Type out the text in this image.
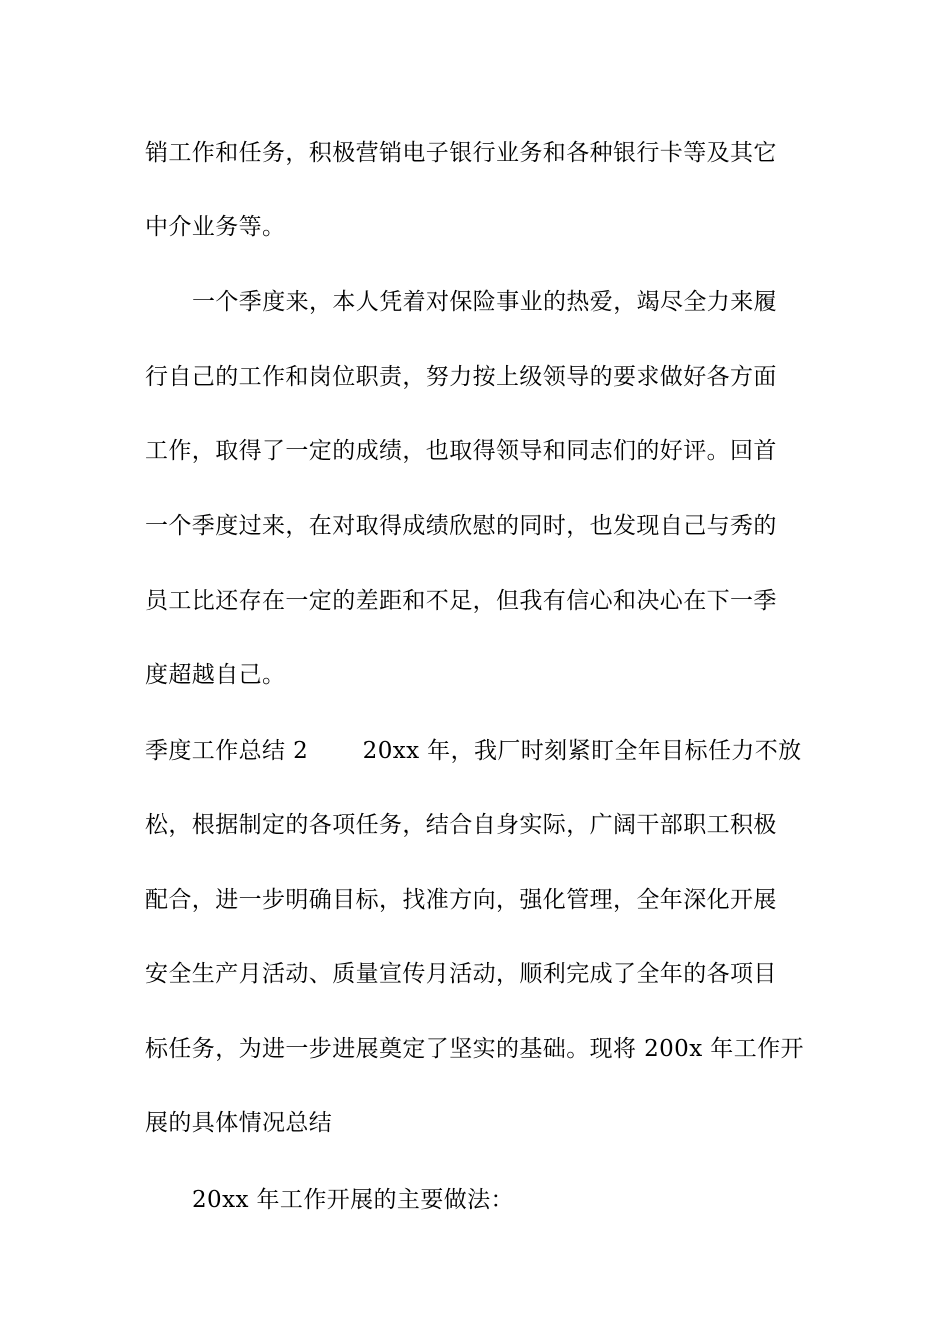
销工作和任务，积极营销电子银行业务和各种银行卡等及其它
中介业务等。
一个季度来，本人凭着对保险事业的热爱，竭尽全力来履
行自己的工作和岗位职责，努力按上级领导的要求做好各方面
工作，取得了一定的成绩，也取得领导和同志们的好评。回首
一个季度过来，在对取得成绩欣慰的同时，也发现自己与秀的
员工比还存在一定的差距和不足，但我有信心和决心在下一季
度超越自己。
季度工作总结 2　　 20xx 年，我厂时刻紧盯全年目标任力不放
松，根据制定的各项任务，结合自身实际，广阔干部职工积极
配合，进一步明确目标，找准方向，强化管理，全年深化开展
安全生产月活动、质量宣传月活动，顺利完成了全年的各项目
标任务，为进一步进展奠定了坚实的基础。现将 200x 年工作开
展的具体情况总结
20xx 年工作开展的主要做法：
